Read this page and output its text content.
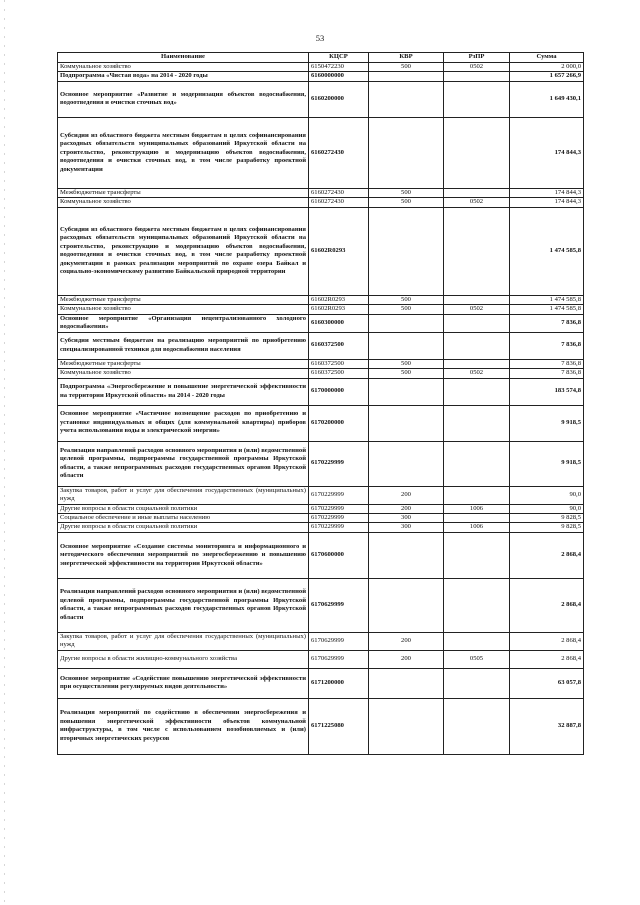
53
Наименование	КЦСР	КВР	РзПР	Сумма
Коммунальное хозяйство	6150472230	500	0502	2 000,0
Подпрограмма «Чистая вода» на 2014 - 2020 годы	6160000000			1 657 266,9
Основное мероприятие «Развитие и модернизация объектов водоснабжения, водоотведения и очистки сточных вод»	6160200000			1 649 430,1
Субсидии из областного бюджета местным бюджетам в целях софинансирования расходных обязательств муниципальных образований Иркутской области на строительство, реконструкцию и модернизацию объектов водоснабжения, водоотведения и очистки сточных вод, в том числе разработку проектной документации	6160272430			174 844,3
Межбюджетные трансферты	6160272430	500		174 844,3
Коммунальное хозяйство	6160272430	500	0502	174 844,3
Субсидии из областного бюджета местным бюджетам в целях софинансирования расходных обязательств муниципальных образований Иркутской области на строительство, реконструкцию и модернизацию объектов водоснабжения, водоотведения и очистки сточных вод, в том числе разработку проектной документации в рамках реализации мероприятий по охране озера Байкал и социально-экономическому развитию Байкальской природной территории	61602R0293			1 474 585,8
Межбюджетные трансферты	61602R0293	500		1 474 585,8
Коммунальное хозяйство	61602R0293	500	0502	1 474 585,8
Основное мероприятие «Организация нецентрализованного холодного водоснабжения»	6160300000			7 836,8
Субсидии местным бюджетам на реализацию мероприятий по приобретению специализированной техники для водоснабжения населения	6160372500			7 836,8
Межбюджетные трансферты	6160372500	500		7 836,8
Коммунальное хозяйство	6160372500	500	0502	7 836,8
Подпрограмма «Энергосбережение и повышение энергетической эффективности на территории Иркутской области» на 2014 - 2020 годы	6170000000			183 574,8
Основное мероприятие «Частичное возмещение расходов по приобретению и установке индивидуальных и общих (для коммунальной квартиры) приборов учета использования воды и электрической энергии»	6170200000			9 918,5
Реализация направлений расходов основного мероприятия и (или) ведомственной целевой программы, подпрограммы государственной программы Иркутской области, а также непрограммных расходов государственных органов Иркутской области	6170229999			9 918,5
Закупка товаров, работ и услуг для обеспечения государственных (муниципальных) нужд	6170229999	200		90,0
Другие вопросы в области социальной политики	6170229999	200	1006	90,0
Социальное обеспечение и иные выплаты населению	6170229999	300		9 828,5
Другие вопросы в области социальной политики	6170229999	300	1006	9 828,5
Основное мероприятие «Создание системы мониторинга и информационного и методического обеспечения мероприятий по энергосбережению и повышению энергетической эффективности на территории Иркутской области»	6170600000			2 868,4
Реализация направлений расходов основного мероприятия и (или) ведомственной целевой программы, подпрограммы государственной программы Иркутской области, а также непрограммных расходов государственных органов Иркутской области	6170629999			2 868,4
Закупка товаров, работ и услуг для обеспечения государственных (муниципальных) нужд	6170629999	200		2 868,4
Другие вопросы в области жилищно-коммунального хозяйства	6170629999	200	0505	2 868,4
Основное мероприятие «Содействие повышению энергетической эффективности при осуществлении регулируемых видов деятельности»	6171200000			63 057,8
Реализация мероприятий по содействию в обеспечении энергосбережения и повышения энергетической эффективности объектов коммунальной инфраструктуры, в том числе с использованием возобновляемых и (или) вторичных энергетических ресурсов	6171225080			32 887,8
